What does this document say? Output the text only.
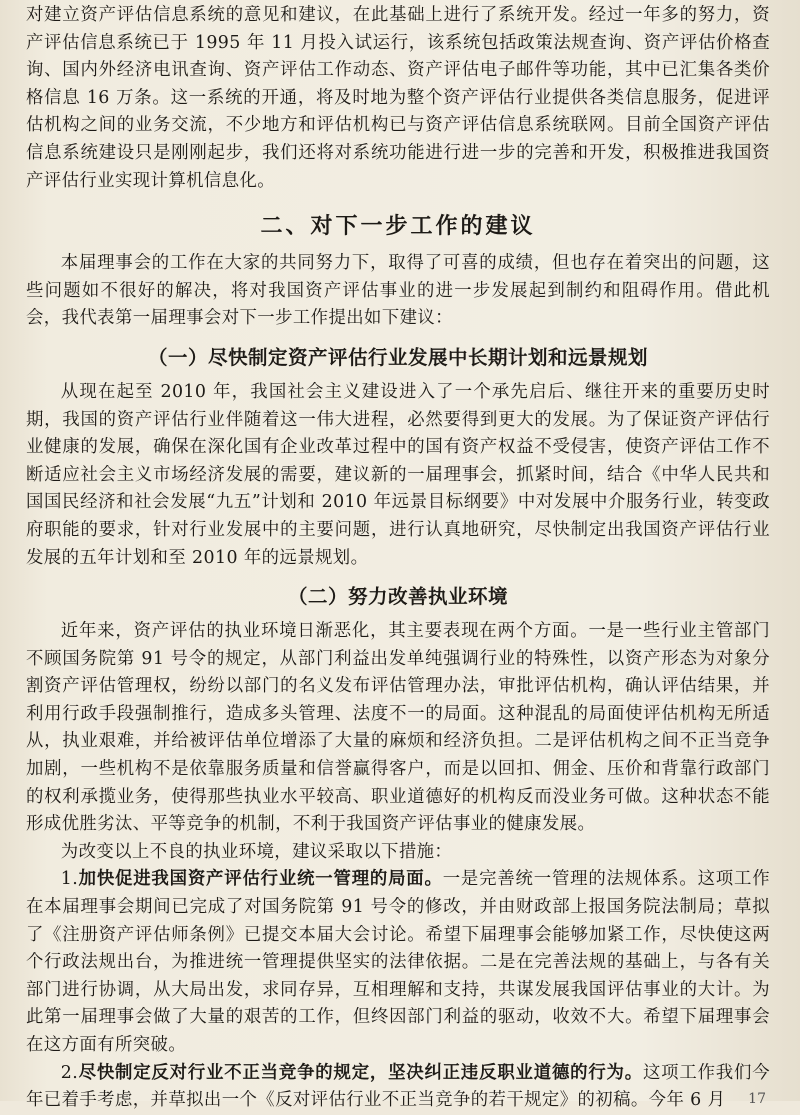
对建立资产评估信息系统的意见和建议，在此基础上进行了系统开发。经过一年多的努力，资产评估信息系统已于 1995 年 11 月投入试运行，该系统包括政策法规查询、资产评估价格查询、国内外经济电讯查询、资产评估工作动态、资产评估电子邮件等功能，其中已汇集各类价格信息 16 万条。这一系统的开通，将及时地为整个资产评估行业提供各类信息服务，促进评估机构之间的业务交流，不少地方和评估机构已与资产评估信息系统联网。目前全国资产评估信息系统建设只是刚刚起步，我们还将对系统功能进行进一步的完善和开发，积极推进我国资产评估行业实现计算机信息化。

二、对下一步工作的建议

本届理事会的工作在大家的共同努力下，取得了可喜的成绩，但也存在着突出的问题，这些问题如不很好的解决，将对我国资产评估事业的进一步发展起到制约和阻碍作用。借此机会，我代表第一届理事会对下一步工作提出如下建议：

（一）尽快制定资产评估行业发展中长期计划和远景规划

从现在起至 2010 年，我国社会主义建设进入了一个承先启后、继往开来的重要历史时期，我国的资产评估行业伴随着这一伟大进程，必然要得到更大的发展。为了保证资产评估行业健康的发展，确保在深化国有企业改革过程中的国有资产权益不受侵害，使资产评估工作不断适应社会主义市场经济发展的需要，建议新的一届理事会，抓紧时间，结合《中华人民共和国国民经济和社会发展“九五”计划和 2010 年远景目标纲要》中对发展中介服务行业，转变政府职能的要求，针对行业发展中的主要问题，进行认真地研究，尽快制定出我国资产评估行业发展的五年计划和至 2010 年的远景规划。

（二）努力改善执业环境

近年来，资产评估的执业环境日渐恶化，其主要表现在两个方面。一是一些行业主管部门不顾国务院第 91 号令的规定，从部门利益出发单纯强调行业的特殊性，以资产形态为对象分割资产评估管理权，纷纷以部门的名义发布评估管理办法，审批评估机构，确认评估结果，并利用行政手段强制推行，造成多头管理、法度不一的局面。这种混乱的局面使评估机构无所适从，执业艰难，并给被评估单位增添了大量的麻烦和经济负担。二是评估机构之间不正当竞争加剧，一些机构不是依靠服务质量和信誉赢得客户，而是以回扣、佣金、压价和背靠行政部门的权利承揽业务，使得那些执业水平较高、职业道德好的机构反而没业务可做。这种状态不能形成优胜劣汰、平等竞争的机制，不利于我国资产评估事业的健康发展。

为改变以上不良的执业环境，建议采取以下措施：

1.加快促进我国资产评估行业统一管理的局面。一是完善统一管理的法规体系。这项工作在本届理事会期间已完成了对国务院第 91 号令的修改，并由财政部上报国务院法制局；草拟了《注册资产评估师条例》已提交本届大会讨论。希望下届理事会能够加紧工作，尽快使这两个行政法规出台，为推进统一管理提供坚实的法律依据。二是在完善法规的基础上，与各有关部门进行协调，从大局出发，求同存异，互相理解和支持，共谋发展我国评估事业的大计。为此第一届理事会做了大量的艰苦的工作，但终因部门利益的驱动，收效不大。希望下届理事会在这方面有所突破。

2.尽快制定反对行业不正当竞争的规定，坚决纠正违反职业道德的行为。这项工作我们今年已着手考虑，并草拟出一个《反对评估行业不正当竞争的若干规定》的初稿。今年 6 月	17
